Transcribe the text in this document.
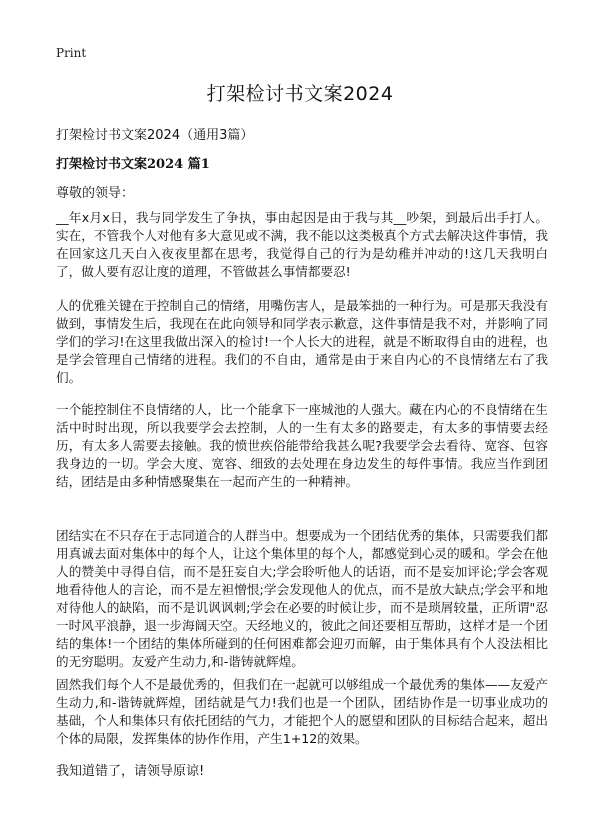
Print
打架检讨书文案2024
打架检讨书文案2024（通用3篇）
打架检讨书文案2024 篇1
尊敬的领导：

__年x月x日，我与同学发生了争执，事由起因是由于我与其__吵架，到最后出手打人。实在，不管我个人对他有多大意见或不满，我不能以这类极真个方式去解决这件事情，我在回家这几天白入夜夜里都在思考，我觉得自己的行为是幼稚并冲动的!这几天我明白了，做人要有忍让度的道理，不管做甚么事情都要忍!

人的优雅关键在于控制自己的情绪，用嘴伤害人，是最笨拙的一种行为。可是那天我没有做到，事情发生后，我现在在此向领导和同学表示歉意，这件事情是我不对，并影响了同学们的学习!在这里我做出深入的检讨!一个人长大的进程，就是不断取得自由的进程，也是学会管理自己情绪的进程。我们的不自由，通常是由于来自内心的不良情绪左右了我们。

一个能控制住不良情绪的人，比一个能拿下一座城池的人强大。藏在内心的不良情绪在生活中时时出现，所以我要学会去控制，人的一生有太多的路要走，有太多的事情要去经历，有太多人需要去接触。我的愤世疾俗能带给我甚么呢?我要学会去看待、宽容、包容我身边的一切。学会大度、宽容、细致的去处理在身边发生的每件事情。我应当作到团结，团结是由多种情感聚集在一起而产生的一种精神。

团结实在不只存在于志同道合的人群当中。想要成为一个团结优秀的集体，只需要我们都用真诚去面对集体中的每个人，让这个集体里的每个人，都感觉到心灵的暖和。学会在他人的赞美中寻得自信，而不是狂妄自大;学会聆听他人的话语，而不是妄加评论;学会客观地看待他人的言论，而不是左袒憎恨;学会发现他人的优点，而不是放大缺点;学会平和地对待他人的缺陷，而不是讥讽讽刺;学会在必要的时候让步，而不是琐屑较量，正所谓"忍一时风平浪静，退一步海阔天空。天经地义的，彼此之间还要相互帮助，这样才是一个团结的集体!一个团结的集体所碰到的任何困难都会迎刃而解，由于集体具有个人没法相比的无穷聪明。友爱产生动力,和-谐铸就辉煌。

固然我们每个人不是最优秀的，但我们在一起就可以够组成一个最优秀的集体——友爱产生动力,和-谐铸就辉煌，团结就是气力!我们也是一个团队，团结协作是一切事业成功的基础，个人和集体只有依托团结的气力，才能把个人的愿望和团队的目标结合起来，超出个体的局限，发挥集体的协作作用，产生1+12的效果。

我知道错了，请领导原谅!
